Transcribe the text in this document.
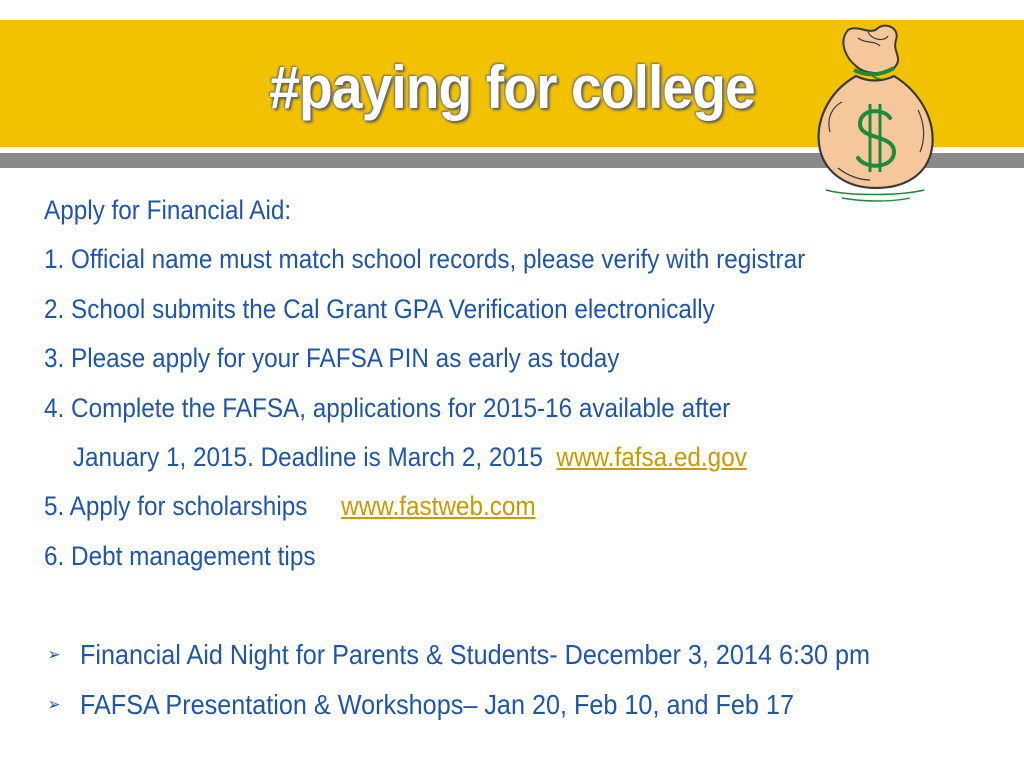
#paying for college
Apply for Financial Aid:
1. Official name must match school records, please verify with registrar
2. School submits the Cal Grant GPA Verification electronically
3. Please apply for your FAFSA PIN as early as today
4. Complete the FAFSA, applications for 2015-16 available after
January 1, 2015. Deadline is March 2, 2015 www.fafsa.ed.gov
5. Apply for scholarships www.fastweb.com
6. Debt management tips
➢ Financial Aid Night for Parents & Students- December 3, 2014 6:30 pm
➢ FAFSA Presentation & Workshops– Jan 20, Feb 10, and Feb 17
